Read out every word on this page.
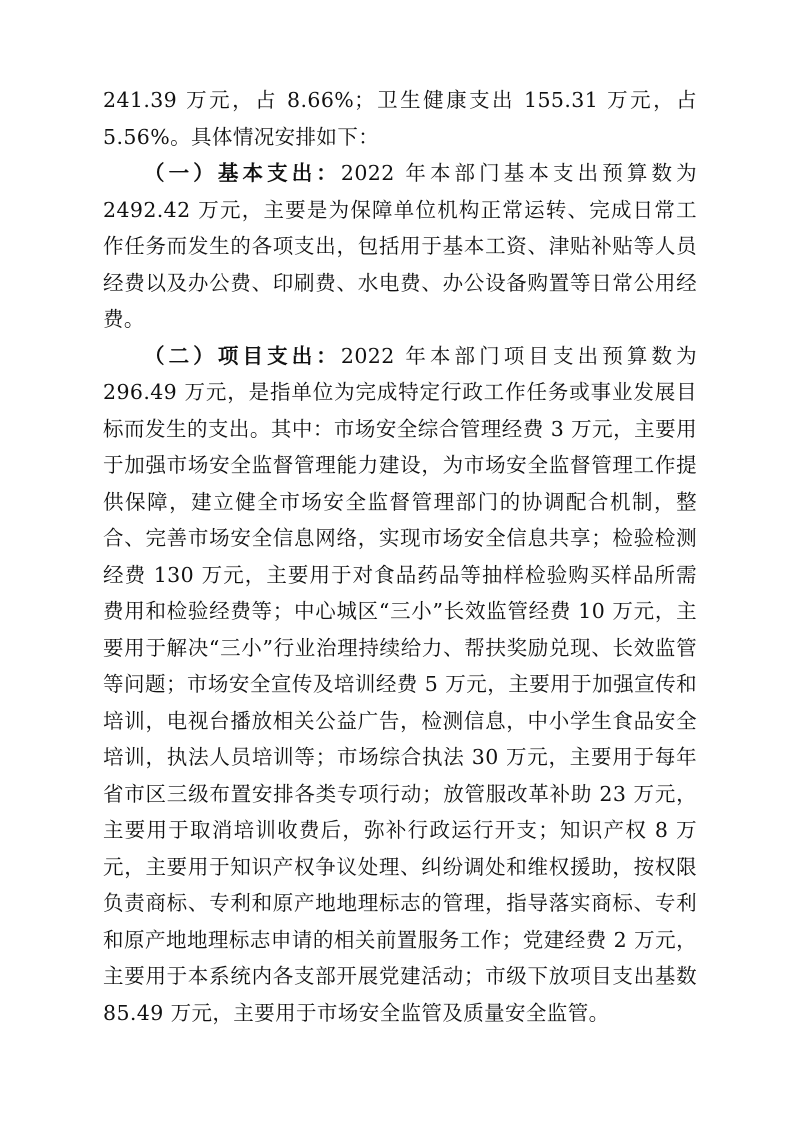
241.39 万元，占 8.66%；卫生健康支出 155.31 万元，占 5.56%。具体情况安排如下：

（一）基本支出：2022 年本部门基本支出预算数为 2492.42 万元，主要是为保障单位机构正常运转、完成日常工作任务而发生的各项支出，包括用于基本工资、津贴补贴等人员经费以及办公费、印刷费、水电费、办公设备购置等日常公用经费。

（二）项目支出：2022 年本部门项目支出预算数为 296.49 万元，是指单位为完成特定行政工作任务或事业发展目标而发生的支出。其中：市场安全综合管理经费 3 万元，主要用于加强市场安全监督管理能力建设，为市场安全监督管理工作提供保障，建立健全市场安全监督管理部门的协调配合机制，整合、完善市场安全信息网络，实现市场安全信息共享；检验检测经费 130 万元，主要用于对食品药品等抽样检验购买样品所需费用和检验经费等；中心城区“三小”长效监管经费 10 万元，主要用于解决“三小”行业治理持续给力、帮扶奖励兑现、长效监管等问题；市场安全宣传及培训经费 5 万元，主要用于加强宣传和培训，电视台播放相关公益广告，检测信息，中小学生食品安全培训，执法人员培训等；市场综合执法 30 万元，主要用于每年省市区三级布置安排各类专项行动；放管服改革补助 23 万元，主要用于取消培训收费后，弥补行政运行开支；知识产权 8 万元，主要用于知识产权争议处理、纠纷调处和维权援助，按权限负责商标、专利和原产地地理标志的管理，指导落实商标、专利和原产地地理标志申请的相关前置服务工作；党建经费 2 万元，主要用于本系统内各支部开展党建活动；市级下放项目支出基数 85.49 万元，主要用于市场安全监管及质量安全监管。
